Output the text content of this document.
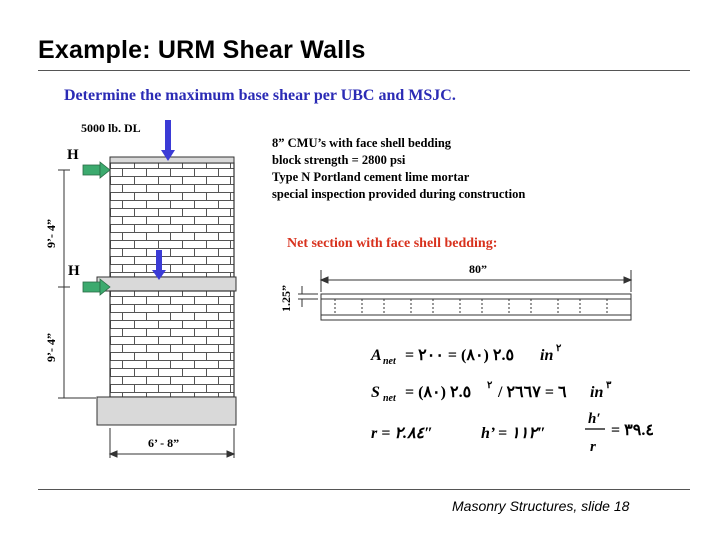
Example: URM Shear Walls
Determine the maximum base shear per UBC and MSJC.
5000 lb. DL
H
H
9’- 4”
9’- 4”
6’ - 8”
8” CMU’s with face shell bedding
block strength = 2800 psi
Type N Portland cement lime mortar
special inspection provided during construction
Net section with face shell bedding:
80”
1.25”
A net = ٢.٥ (٨٠) = ٢٠٠ in ٢
S net = ٢.٥ (٨٠) ٢ / ٦ = ٢٦٦٧ in ٣
r = ٢.٨٤″	h’ = ١١٢″
h′
r
= ٣٩.٤
Masonry Structures, slide 18
